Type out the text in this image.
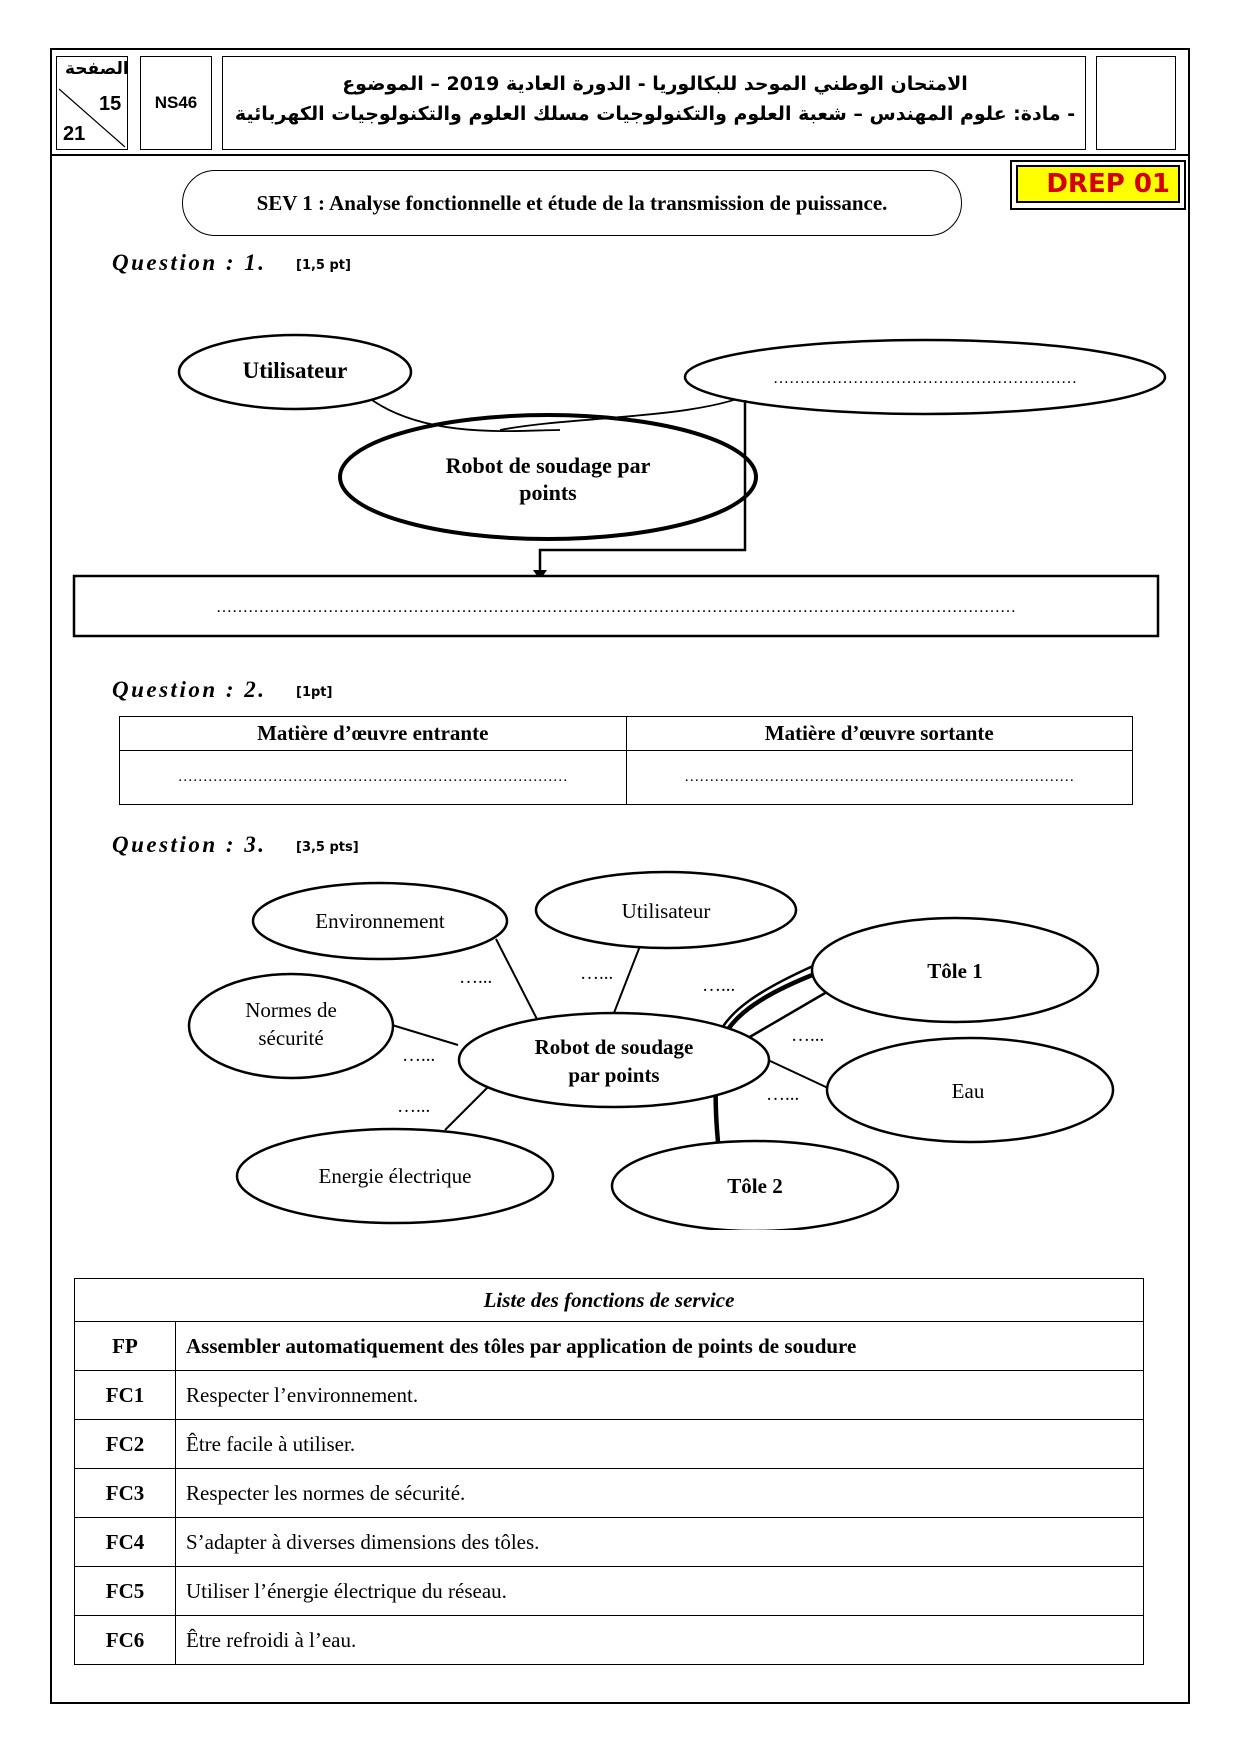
الصفحة
15
21
NS46
الامتحان الوطني الموحد للبكالوريا - الدورة العادية 2019 – الموضوع
- مادة: علوم المهندس – شعبة العلوم والتكنولوجيات مسلك العلوم والتكنولوجيات الكهربائية
SEV 1 : Analyse fonctionnelle et étude de la transmission de puissance.
DREP 01
Question : 1. [1,5 pt]
Utilisateur	…………………………………………………
Robot de soudage par
points
……………………………………………………………………………………………………………………………………
Question : 2. [1pt]
Matière d’œuvre entrante	Matière d’œuvre sortante
……………………………………………………………………	……………………………………………………………………
Question : 3. [3,5 pts]
Environnement	Utilisateur
Normes de
sécurité	Robot de soudage
par points
Tôle 1
Eau
Energie électrique	Tôle 2
…...	…...
…...
…...
…...
…...
…...
Liste des fonctions de service	
FP	Assembler automatiquement des tôles par application de points de soudure
FC1	Respecter l’environnement.
FC2	Être facile à utiliser.
FC3	Respecter les normes de sécurité.
FC4	S’adapter à diverses dimensions des tôles.
FC5	Utiliser l’énergie électrique du réseau.
FC6	Être refroidi à l’eau.
